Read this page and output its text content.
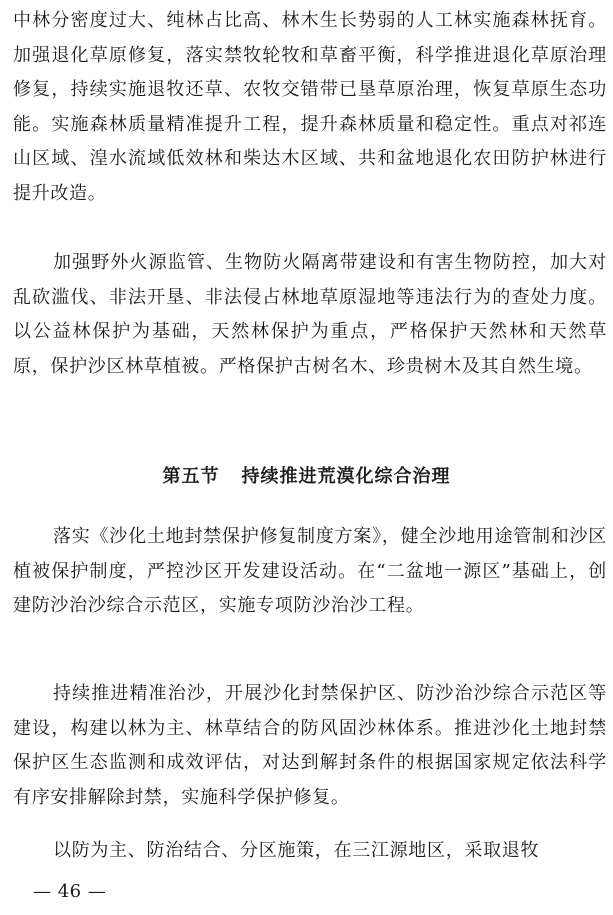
中林分密度过大、纯林占比高、林木生长势弱的人工林实施森林抚育。加强退化草原修复，落实禁牧轮牧和草畜平衡，科学推进退化草原治理修复，持续实施退牧还草、农牧交错带已垦草原治理，恢复草原生态功能。实施森林质量精准提升工程，提升森林质量和稳定性。重点对祁连山区域、湟水流域低效林和柴达木区域、共和盆地退化农田防护林进行提升改造。

加强野外火源监管、生物防火隔离带建设和有害生物防控，加大对乱砍滥伐、非法开垦、非法侵占林地草原湿地等违法行为的查处力度。以公益林保护为基础，天然林保护为重点，严格保护天然林和天然草原，保护沙区林草植被。严格保护古树名木、珍贵树木及其自然生境。

第五节 持续推进荒漠化综合治理

落实《沙化土地封禁保护修复制度方案》，健全沙地用途管制和沙区植被保护制度，严控沙区开发建设活动。在“二盆地一源区”基础上，创建防沙治沙综合示范区，实施专项防沙治沙工程。

持续推进精准治沙，开展沙化封禁保护区、防沙治沙综合示范区等建设，构建以林为主、林草结合的防风固沙林体系。推进沙化土地封禁保护区生态监测和成效评估，对达到解封条件的根据国家规定依法科学有序安排解除封禁，实施科学保护修复。

以防为主、防治结合、分区施策，在三江源地区，采取退牧

— 46 —
